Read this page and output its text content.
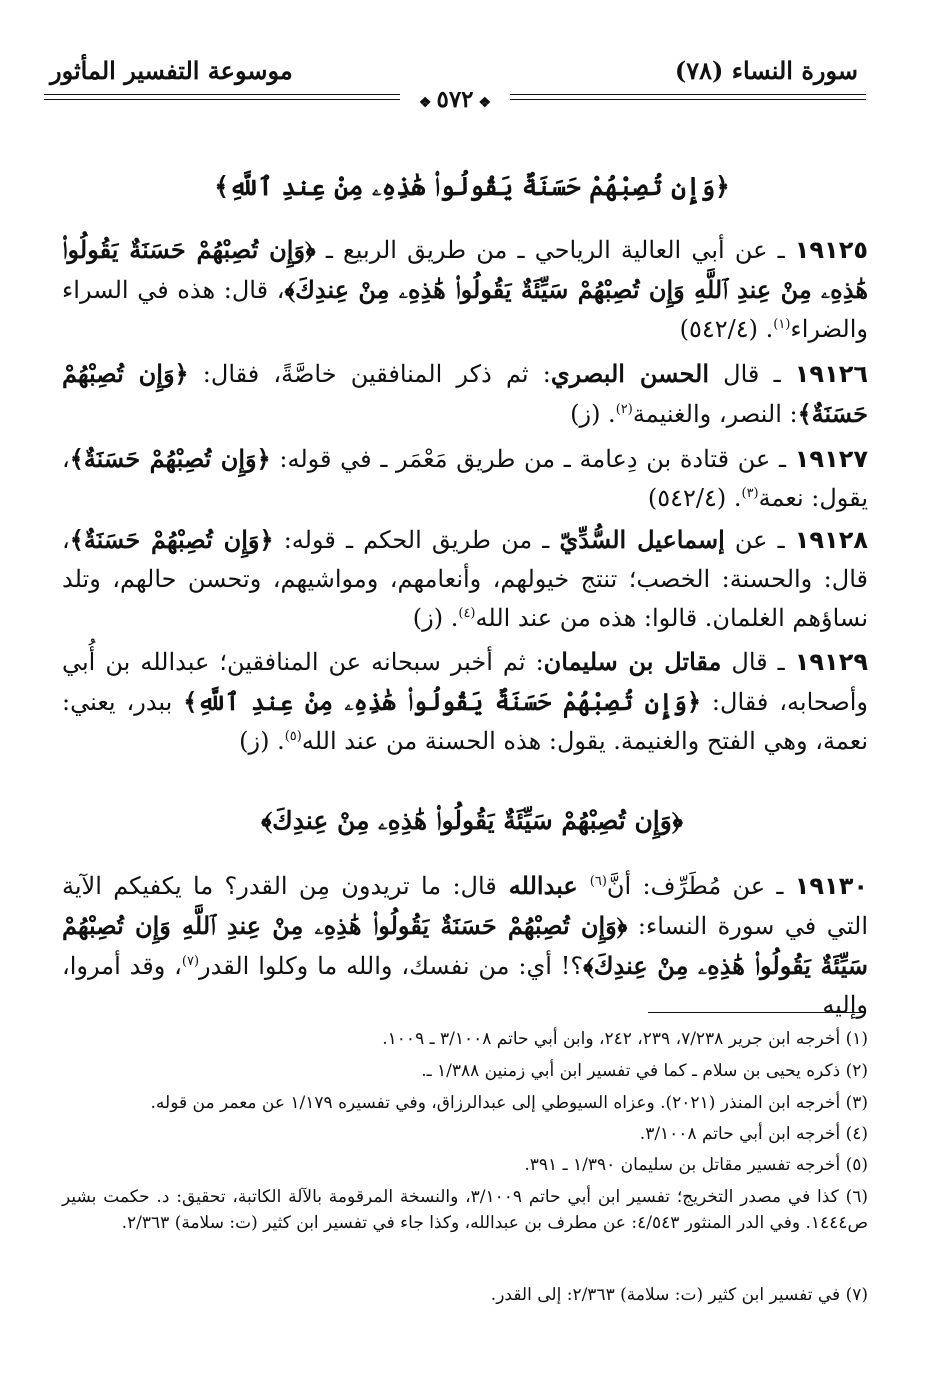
موسوعة التفسير المأثور	سورة النساء (٧٨)
❖٥٧٢❖
﴿وَإِن تُصِبْهُمْ حَسَنَةٌ يَقُولُوا۟ هَٰذِهِۦ مِنْ عِندِ ٱللَّهِ﴾
١٩١٢٥ ـ عن أبي العالية الرياحي ـ من طريق الربيع ـ ﴿وَإِن تُصِبْهُمْ حَسَنَةٌ يَقُولُوا۟ هَٰذِهِۦ مِنْ عِندِ ٱللَّهِ وَإِن تُصِبْهُمْ سَيِّئَةٌ يَقُولُوا۟ هَٰذِهِۦ مِنْ عِندِكَ﴾، قال: هذه في السراء والضراء$^{(١)}$. (٥٤٢/٤)
١٩١٢٦ ـ قال الحسن البصري: ثم ذكر المنافقين خاصَّةً، فقال: ﴿وَإِن تُصِبْهُمْ حَسَنَةٌ﴾: النصر، والغنيمة$^{(٢)}$. (ز)
١٩١٢٧ ـ عن قتادة بن دِعامة ـ من طريق مَعْمَر ـ في قوله: ﴿وَإِن تُصِبْهُمْ حَسَنَةٌ﴾، يقول: نعمة$^{(٣)}$. (٥٤٢/٤)
١٩١٢٨ ـ عن إسماعيل السُّدِّيّ ـ من طريق الحكم ـ قوله: ﴿وَإِن تُصِبْهُمْ حَسَنَةٌ﴾، قال: والحسنة: الخصب؛ تنتج خيولهم، وأنعامهم، ومواشيهم، وتحسن حالهم، وتلد نساؤهم الغلمان. قالوا: هذه من عند الله$^{(٤)}$. (ز)
١٩١٢٩ ـ قال مقاتل بن سليمان: ثم أخبر سبحانه عن المنافقين؛ عبدالله بن أُبي وأصحابه، فقال: ﴿وَإِن تُصِبْهُمْ حَسَنَةٌ يَقُولُوا۟ هَٰذِهِۦ مِنْ عِندِ ٱللَّهِ﴾ ببدر، يعني: نعمة، وهي الفتح والغنيمة. يقول: هذه الحسنة من عند الله$^{(٥)}$. (ز)
﴿وَإِن تُصِبْهُمْ سَيِّئَةٌ يَقُولُوا۟ هَٰذِهِۦ مِنْ عِندِكَ﴾
١٩١٣٠ ـ عن مُطَرِّف: أنَّ$^{(٦)}$ عبدالله قال: ما تريدون مِن القدر؟ ما يكفيكم الآية التي في سورة النساء: ﴿وَإِن تُصِبْهُمْ حَسَنَةٌ يَقُولُوا۟ هَٰذِهِۦ مِنْ عِندِ ٱللَّهِ وَإِن تُصِبْهُمْ سَيِّئَةٌ يَقُولُوا۟ هَٰذِهِۦ مِنْ عِندِكَ﴾؟! أي: من نفسك، والله ما وكلوا القدر$^{(٧)}$، وقد أمروا، وإليه
(١) أخرجه ابن جرير ٧/٢٣٨، ٢٣٩، ٢٤٢، وابن أبي حاتم ٣/١٠٠٨ ـ ١٠٠٩.
(٢) ذكره يحيى بن سلام ـ كما في تفسير ابن أبي زمنين ١/٣٨٨ ـ.
(٣) أخرجه ابن المنذر (٢٠٢١). وعزاه السيوطي إلى عبدالرزاق، وفي تفسيره ١/١٧٩ عن معمر من قوله.
(٤) أخرجه ابن أبي حاتم ٣/١٠٠٨.
(٥) أخرجه تفسير مقاتل بن سليمان ١/٣٩٠ ـ ٣٩١.
(٦) كذا في مصدر التخريج؛ تفسير ابن أبي حاتم ٣/١٠٠٩، والنسخة المرقومة بالآلة الكاتبة، تحقيق: د. حكمت بشير ص١٤٤٤. وفي الدر المنثور ٤/٥٤٣: عن مطرف بن عبدالله، وكذا جاء في تفسير ابن كثير (ت: سلامة) ٢/٣٦٣.
(٧) في تفسير ابن كثير (ت: سلامة) ٢/٣٦٣: إلى القدر.
